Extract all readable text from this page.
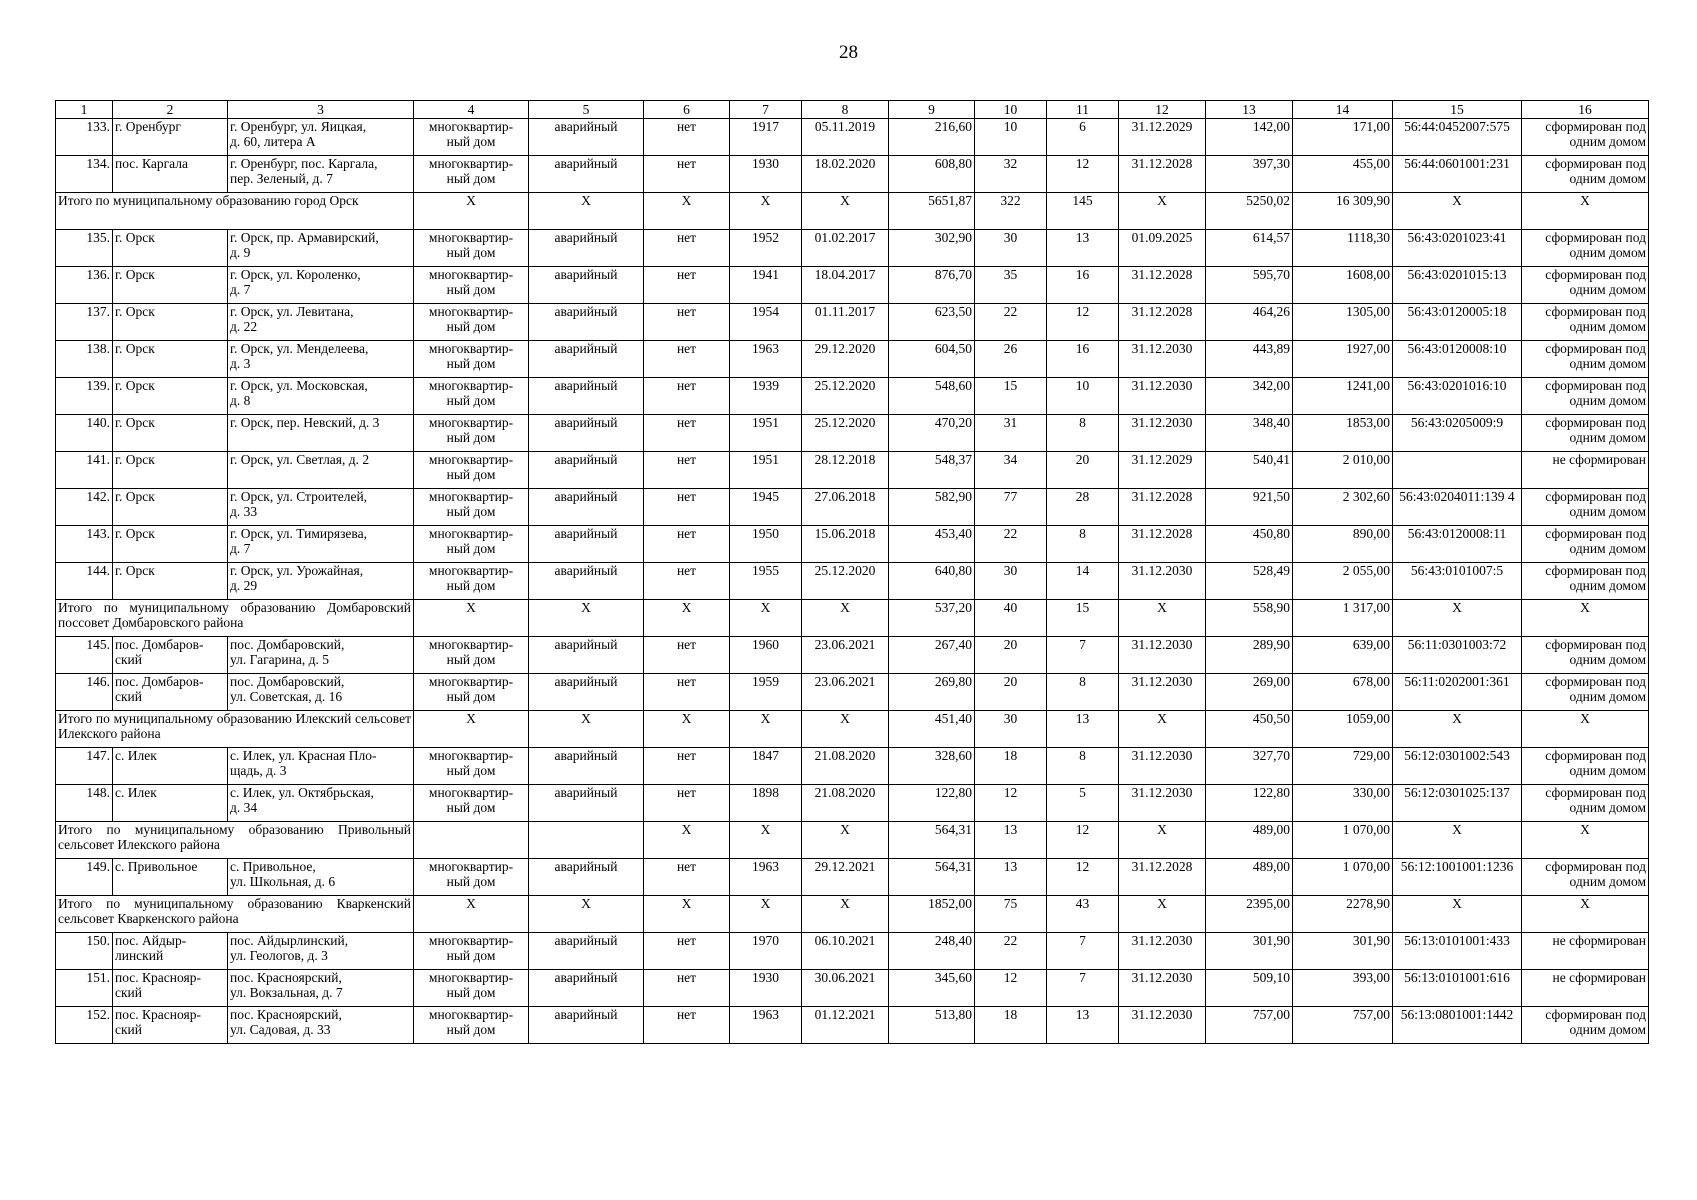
28
1	2	3	4	5	6	7	8	9	10	11	12	13	14	15	16
133.	г. Оренбург	г. Оренбург, ул. Яицкая,
д. 60, литера А	многоквартир-
ный дом	аварийный	нет	1917	05.11.2019	216,60	10	6	31.12.2029	142,00	171,00	56:44:0452007:575	сформирован под
одним домом

134.	пос. Каргала	г. Оренбург, пос. Каргала,
пер. Зеленый, д. 7	многоквартир-
ный дом	аварийный	нет	1930	18.02.2020	608,80	32	12	31.12.2028	397,30	455,00	56:44:0601001:231	сформирован под
одним домом

Итого по муниципальному образованию город Орск			X	X	X	X	X	5651,87	322	145	X	5250,02	16 309,90	X	X
135.	г. Орск	г. Орск, пр. Армавирский,
д. 9	многоквартир-
ный дом	аварийный	нет	1952	01.02.2017	302,90	30	13	01.09.2025	614,57	1118,30	56:43:0201023:41	сформирован под
одним домом

136.	г. Орск	г. Орск, ул. Короленко,
д. 7	многоквартир-
ный дом	аварийный	нет	1941	18.04.2017	876,70	35	16	31.12.2028	595,70	1608,00	56:43:0201015:13	сформирован под
одним домом

137.	г. Орск	г. Орск, ул. Левитана,
д. 22	многоквартир-
ный дом	аварийный	нет	1954	01.11.2017	623,50	22	12	31.12.2028	464,26	1305,00	56:43:0120005:18	сформирован под
одним домом

138.	г. Орск	г. Орск, ул. Менделеева,
д. 3	многоквартир-
ный дом	аварийный	нет	1963	29.12.2020	604,50	26	16	31.12.2030	443,89	1927,00	56:43:0120008:10	сформирован под
одним домом

139.	г. Орск	г. Орск, ул. Московская,
д. 8	многоквартир-
ный дом	аварийный	нет	1939	25.12.2020	548,60	15	10	31.12.2030	342,00	1241,00	56:43:0201016:10	сформирован под
одним домом

140.	г. Орск	г. Орск, пер. Невский, д. 3	многоквартир-
ный дом	аварийный	нет	1951	25.12.2020	470,20	31	8	31.12.2030	348,40	1853,00	56:43:0205009:9	сформирован под
одним домом

141.	г. Орск	г. Орск, ул. Светлая, д. 2	многоквартир-
ный дом	аварийный	нет	1951	28.12.2018	548,37	34	20	31.12.2029	540,41	2 010,00		не сформирован

142.	г. Орск	г. Орск, ул. Строителей,
д. 33	многоквартир-
ный дом	аварийный	нет	1945	27.06.2018	582,90	77	28	31.12.2028	921,50	2 302,60	56:43:0204011:139 4	сформирован под
одним домом

143.	г. Орск	г. Орск, ул. Тимирязева,
д. 7	многоквартир-
ный дом	аварийный	нет	1950	15.06.2018	453,40	22	8	31.12.2028	450,80	890,00	56:43:0120008:11	сформирован под
одним домом

144.	г. Орск	г. Орск, ул. Урожайная,
д. 29	многоквартир-
ный дом	аварийный	нет	1955	25.12.2020	640,80	30	14	31.12.2030	528,49	2 055,00	56:43:0101007:5	сформирован под
одним домом

Итого по муниципальному образованию Домбаровский поссовет Домбаровского района			X	X	X	X	X	537,20	40	15	X	558,90	1 317,00	X	X
145.	пос. Домбаров-
ский	пос. Домбаровский,
ул. Гагарина, д. 5	многоквартир-
ный дом	аварийный	нет	1960	23.06.2021	267,40	20	7	31.12.2030	289,90	639,00	56:11:0301003:72	сформирован под
одним домом

146.	пос. Домбаров-
ский	пос. Домбаровский,
ул. Советская, д. 16	многоквартир-
ный дом	аварийный	нет	1959	23.06.2021	269,80	20	8	31.12.2030	269,00	678,00	56:11:0202001:361	сформирован под
одним домом

Итого по муниципальному образованию Илекский сельсовет Илекского района			X	X	X	X	X	451,40	30	13	X	450,50	1059,00	X	X
147.	с. Илек	с. Илек, ул. Красная Пло-
щадь, д. 3	многоквартир-
ный дом	аварийный	нет	1847	21.08.2020	328,60	18	8	31.12.2030	327,70	729,00	56:12:0301002:543	сформирован под
одним домом

148.	с. Илек	с. Илек, ул. Октябрьская,
д. 34	многоквартир-
ный дом	аварийный	нет	1898	21.08.2020	122,80	12	5	31.12.2030	122,80	330,00	56:12:0301025:137	сформирован под
одним домом

Итого по муниципальному образованию Привольный сельсовет Илекского района					X	X	X	564,31	13	12	X	489,00	1 070,00	X	X
149.	с. Привольное	с. Привольное,
ул. Школьная, д. 6	многоквартир-
ный дом	аварийный	нет	1963	29.12.2021	564,31	13	12	31.12.2028	489,00	1 070,00	56:12:1001001:1236	сформирован под
одним домом

Итого по муниципальному образованию Кваркенский сельсовет Кваркенского района			X	X	X	X	X	1852,00	75	43	X	2395,00	2278,90	X	X
150.	пос. Айдыр-
линский	пос. Айдырлинский,
ул. Геологов, д. 3	многоквартир-
ный дом	аварийный	нет	1970	06.10.2021	248,40	22	7	31.12.2030	301,90	301,90	56:13:0101001:433	не сформирован

151.	пос. Краснояр-
ский	пос. Красноярский,
ул. Вокзальная, д. 7	многоквартир-
ный дом	аварийный	нет	1930	30.06.2021	345,60	12	7	31.12.2030	509,10	393,00	56:13:0101001:616	не сформирован

152.	пос. Краснояр-
ский	пос. Красноярский,
ул. Садовая, д. 33	многоквартир-
ный дом	аварийный	нет	1963	01.12.2021	513,80	18	13	31.12.2030	757,00	757,00	56:13:0801001:1442	сформирован под
одним домом
